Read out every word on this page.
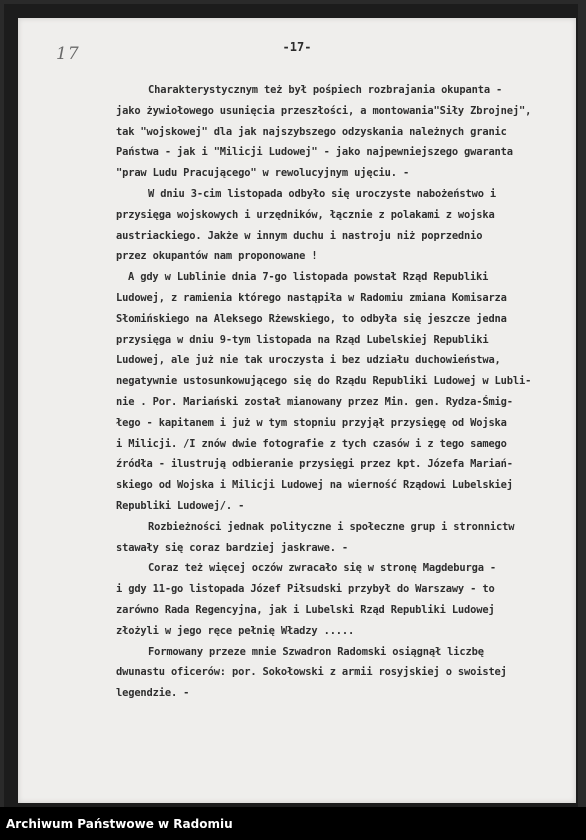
17	-17-
Charakterystycznym też był pośpiech rozbrajania okupanta -
jako żywiołowego usunięcia przeszłości, a montowania"Siły Zbrojnej",
tak "wojskowej" dla jak najszybszego odzyskania należnych granic
Państwa - jak i "Milicji Ludowej" - jako najpewniejszego gwaranta
"praw Ludu Pracującego" w rewolucyjnym ujęciu. -
W dniu 3-cim listopada odbyło się uroczyste nabożeństwo i
przysięga wojskowych i urzędników, łącznie z polakami z wojska
austriackiego. Jakże w innym duchu i nastroju niż poprzednio
przez okupantów nam proponowane !
A gdy w Lublinie dnia 7-go listopada powstał Rząd Republiki
Ludowej, z ramienia którego nastąpiła w Radomiu zmiana Komisarza
Słomińskiego na Aleksego Rżewskiego, to odbyła się jeszcze jedna
przysięga w dniu 9-tym listopada na Rząd Lubelskiej Republiki
Ludowej, ale już nie tak uroczysta i bez udziału duchowieństwa,
negatywnie ustosunkowującego się do Rządu Republiki Ludowej w Lubli-
nie . Por. Mariański został mianowany przez Min. gen. Rydza-Śmig-
łego - kapitanem i już w tym stopniu przyjął przysięgę od Wojska
i Milicji. /I znów dwie fotografie z tych czasów i z tego samego
źródła - ilustrują odbieranie przysięgi przez kpt. Józefa Mariań-
skiego od Wojska i Milicji Ludowej na wierność Rządowi Lubelskiej
Republiki Ludowej/. -
Rozbieżności jednak polityczne i społeczne grup i stronnictw
stawały się coraz bardziej jaskrawe. -
Coraz też więcej oczów zwracało się w stronę Magdeburga -
i gdy 11-go listopada Józef Piłsudski przybył do Warszawy - to
zarówno Rada Regencyjna, jak i Lubelski Rząd Republiki Ludowej
złożyli w jego ręce pełnię Władzy .....
Formowany przeze mnie Szwadron Radomski osiągnął liczbę
dwunastu oficerów: por. Sokołowski z armii rosyjskiej o swoistej
legendzie. -
Archiwum Państwowe w Radomiu
